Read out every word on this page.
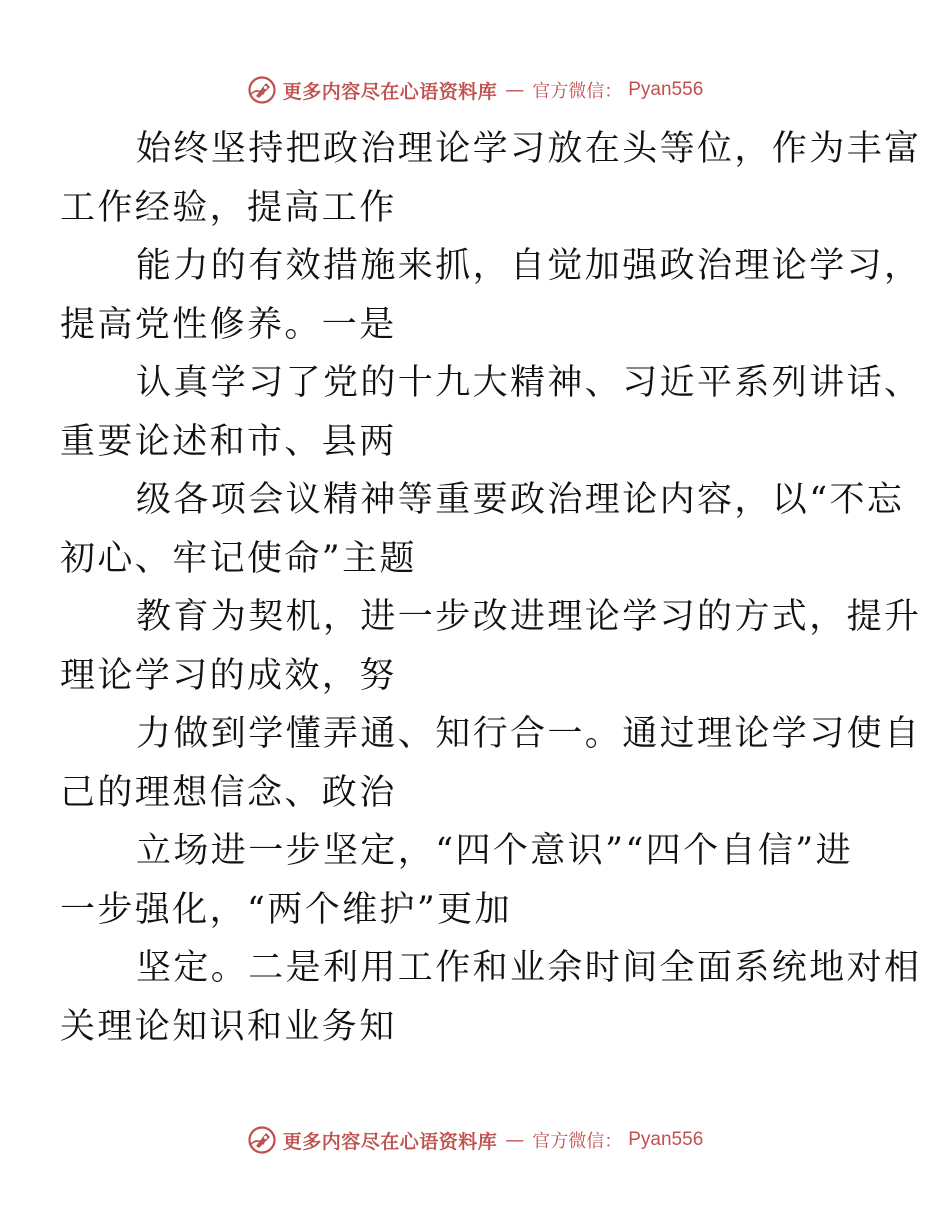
更多内容尽在心语资料库 — 官方微信： Pyan556

始终坚持把政治理论学习放在头等位，作为丰富
工作经验，提高工作

能力的有效措施来抓，自觉加强政治理论学习，
提高党性修养。一是

认真学习了党的十九大精神、习近平系列讲话、
重要论述和市、县两

级各项会议精神等重要政治理论内容，以“不忘
初心、牢记使命”主题

教育为契机，进一步改进理论学习的方式，提升
理论学习的成效，努

力做到学懂弄通、知行合一。通过理论学习使自
己的理想信念、政治

立场进一步坚定，“四个意识”“四个自信”进
一步强化，“两个维护”更加

坚定。二是利用工作和业余时间全面系统地对相
关理论知识和业务知

更多内容尽在心语资料库 — 官方微信： Pyan556
